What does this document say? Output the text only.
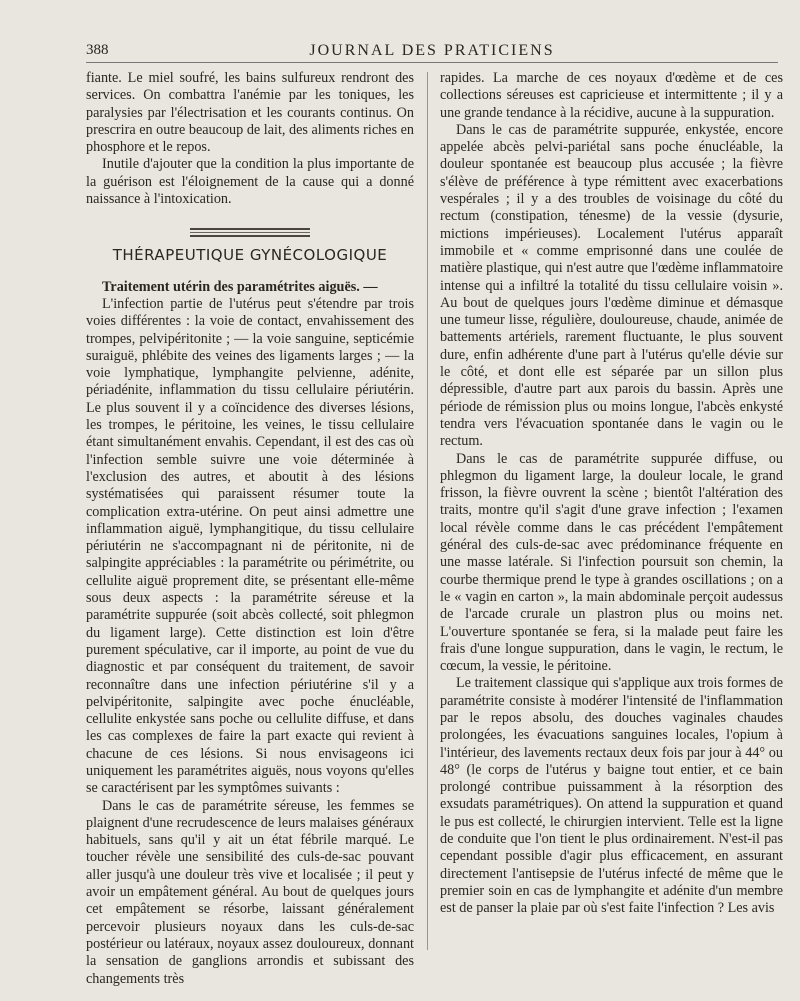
388	JOURNAL DES PRATICIENS

fiante. Le miel soufré, les bains sulfureux rendront des services. On combattra l'anémie par les toniques, les paralysies par l'électrisation et les courants continus. On prescrira en outre beaucoup de lait, des aliments riches en phosphore et le repos.

Inutile d'ajouter que la condition la plus importante de la guérison est l'éloignement de la cause qui a donné naissance à l'intoxication.

THÉRAPEUTIQUE GYNÉCOLOGIQUE

Traitement utérin des paramétrites aiguës. —

L'infection partie de l'utérus peut s'étendre par trois voies différentes : la voie de contact, envahissement des trompes, pelvipéritonite ; — la voie sanguine, septicémie suraiguë, phlébite des veines des ligaments larges ; — la voie lymphatique, lymphangite pelvienne, adénite, périadénite, inflammation du tissu cellulaire périutérin. Le plus souvent il y a coïncidence des diverses lésions, les trompes, le péritoine, les veines, le tissu cellulaire étant simultanément envahis. Cependant, il est des cas où l'infection semble suivre une voie déterminée à l'exclusion des autres, et aboutit à des lésions systématisées qui paraissent résumer toute la complication extra-utérine. On peut ainsi admettre une inflammation aiguë, lymphangitique, du tissu cellulaire périutérin ne s'accompagnant ni de péritonite, ni de salpingite appréciables : la paramétrite ou périmétrite, ou cellulite aiguë proprement dite, se présentant elle-même sous deux aspects : la paramétrite séreuse et la paramétrite suppurée (soit abcès collecté, soit phlegmon du ligament large). Cette distinction est loin d'être purement spéculative, car il importe, au point de vue du diagnostic et par conséquent du traitement, de savoir reconnaître dans une infection périutérine s'il y a pelvipéritonite, salpingite avec poche énucléable, cellulite enkystée sans poche ou cellulite diffuse, et dans les cas complexes de faire la part exacte qui revient à chacune de ces lésions. Si nous envisageons ici uniquement les paramétrites aiguës, nous voyons qu'elles se caractérisent par les symptômes suivants :

Dans le cas de paramétrite séreuse, les femmes se plaignent d'une recrudescence de leurs malaises généraux habituels, sans qu'il y ait un état fébrile marqué. Le toucher révèle une sensibilité des culs-de-sac pouvant aller jusqu'à une douleur très vive et localisée ; il peut y avoir un empâtement général. Au bout de quelques jours cet empâtement se résorbe, laissant généralement percevoir plusieurs noyaux dans les culs-de-sac postérieur ou latéraux, noyaux assez douloureux, donnant la sensation de ganglions arrondis et subissant des changements très

rapides. La marche de ces noyaux d'œdème et de ces collections séreuses est capricieuse et intermittente ; il y a une grande tendance à la récidive, aucune à la suppuration.

Dans le cas de paramétrite suppurée, enkystée, encore appelée abcès pelvi-pariétal sans poche énucléable, la douleur spontanée est beaucoup plus accusée ; la fièvre s'élève de préférence à type rémittent avec exacerbations vespérales ; il y a des troubles de voisinage du côté du rectum (constipation, ténesme) de la vessie (dysurie, mictions impérieuses). Localement l'utérus apparaît immobile et « comme emprisonné dans une coulée de matière plastique, qui n'est autre que l'œdème inflammatoire intense qui a infiltré la totalité du tissu cellulaire voisin ». Au bout de quelques jours l'œdème diminue et démasque une tumeur lisse, régulière, douloureuse, chaude, animée de battements artériels, rarement fluctuante, le plus souvent dure, enfin adhérente d'une part à l'utérus qu'elle dévie sur le côté, et dont elle est séparée par un sillon plus dépressible, d'autre part aux parois du bassin. Après une période de rémission plus ou moins longue, l'abcès enkysté tendra vers l'évacuation spontanée dans le vagin ou le rectum.

Dans le cas de paramétrite suppurée diffuse, ou phlegmon du ligament large, la douleur locale, le grand frisson, la fièvre ouvrent la scène ; bientôt l'altération des traits, montre qu'il s'agit d'une grave infection ; l'examen local révèle comme dans le cas précédent l'empâtement général des culs-de-sac avec prédominance fréquente en une masse latérale. Si l'infection poursuit son chemin, la courbe thermique prend le type à grandes oscillations ; on a le « vagin en carton », la main abdominale perçoit audessus de l'arcade crurale un plastron plus ou moins net. L'ouverture spontanée se fera, si la malade peut faire les frais d'une longue suppuration, dans le vagin, le rectum, le cœcum, la vessie, le péritoine.

Le traitement classique qui s'applique aux trois formes de paramétrite consiste à modérer l'intensité de l'inflammation par le repos absolu, des douches vaginales chaudes prolongées, les évacuations sanguines locales, l'opium à l'intérieur, des lavements rectaux deux fois par jour à 44° ou 48° (le corps de l'utérus y baigne tout entier, et ce bain prolongé contribue puissamment à la résorption des exsudats paramétriques). On attend la suppuration et quand le pus est collecté, le chirurgien intervient. Telle est la ligne de conduite que l'on tient le plus ordinairement. N'est-il pas cependant possible d'agir plus efficacement, en assurant directement l'antisepsie de l'utérus infecté de même que le premier soin en cas de lymphangite et adénite d'un membre est de panser la plaie par où s'est faite l'infection ? Les avis
